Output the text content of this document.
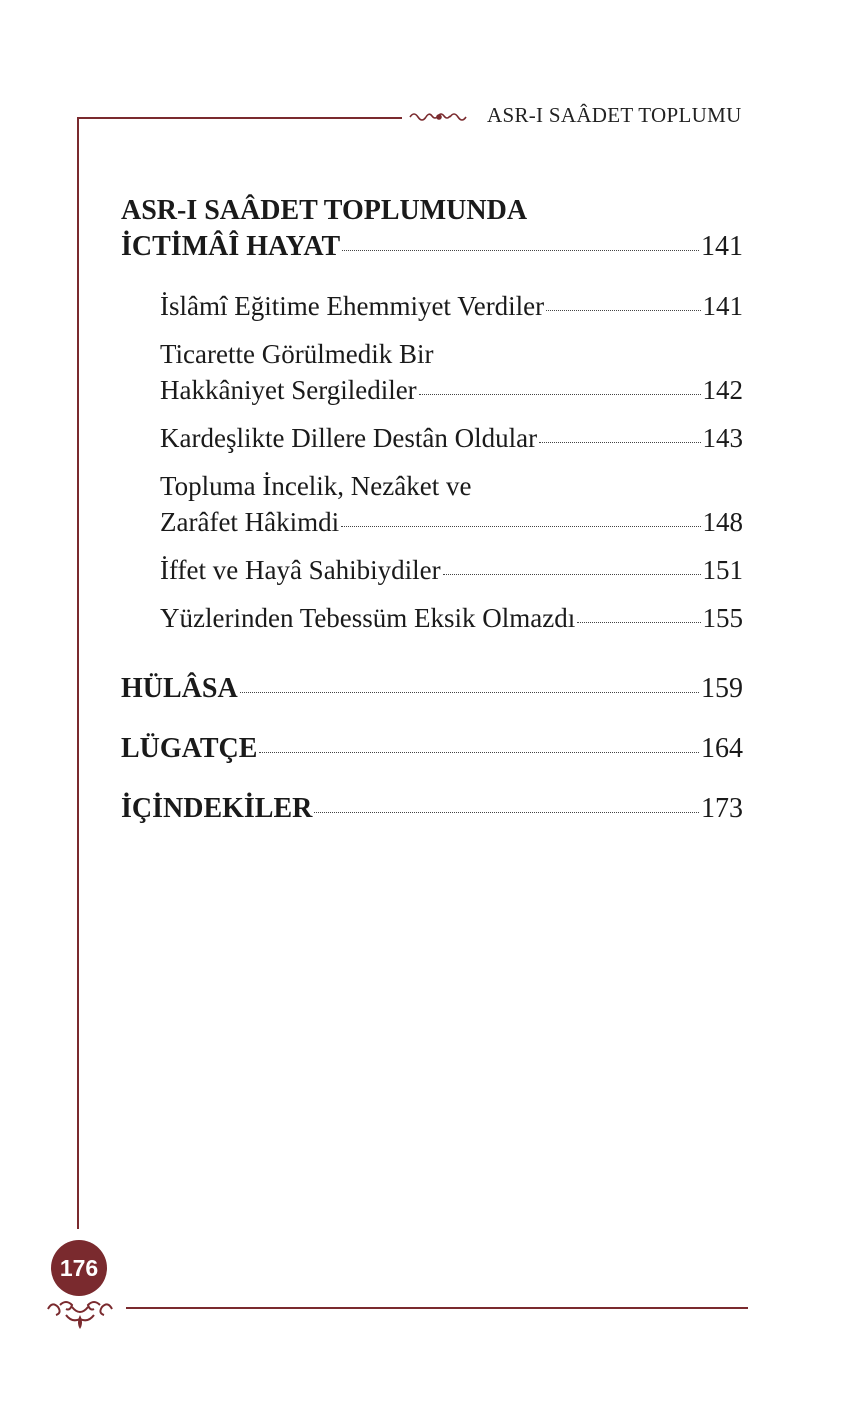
ASR-I SAÂDET TOPLUMU
ASR-I SAÂDET TOPLUMUNDA
İCTİMÂÎ HAYAT	141
İslâmî Eğitime Ehemmiyet Verdiler	141
Ticarette Görülmedik Bir
Hakkâniyet Sergilediler	142
Kardeşlikte Dillere Destân Oldular	143
Topluma İncelik, Nezâket ve
Zarâfet Hâkimdi	148
İffet ve Hayâ Sahibiydiler	151
Yüzlerinden Tebessüm Eksik Olmazdı	155
HÜLÂSA	159
LÜGATÇE	164
İÇİNDEKİLER	173
176
